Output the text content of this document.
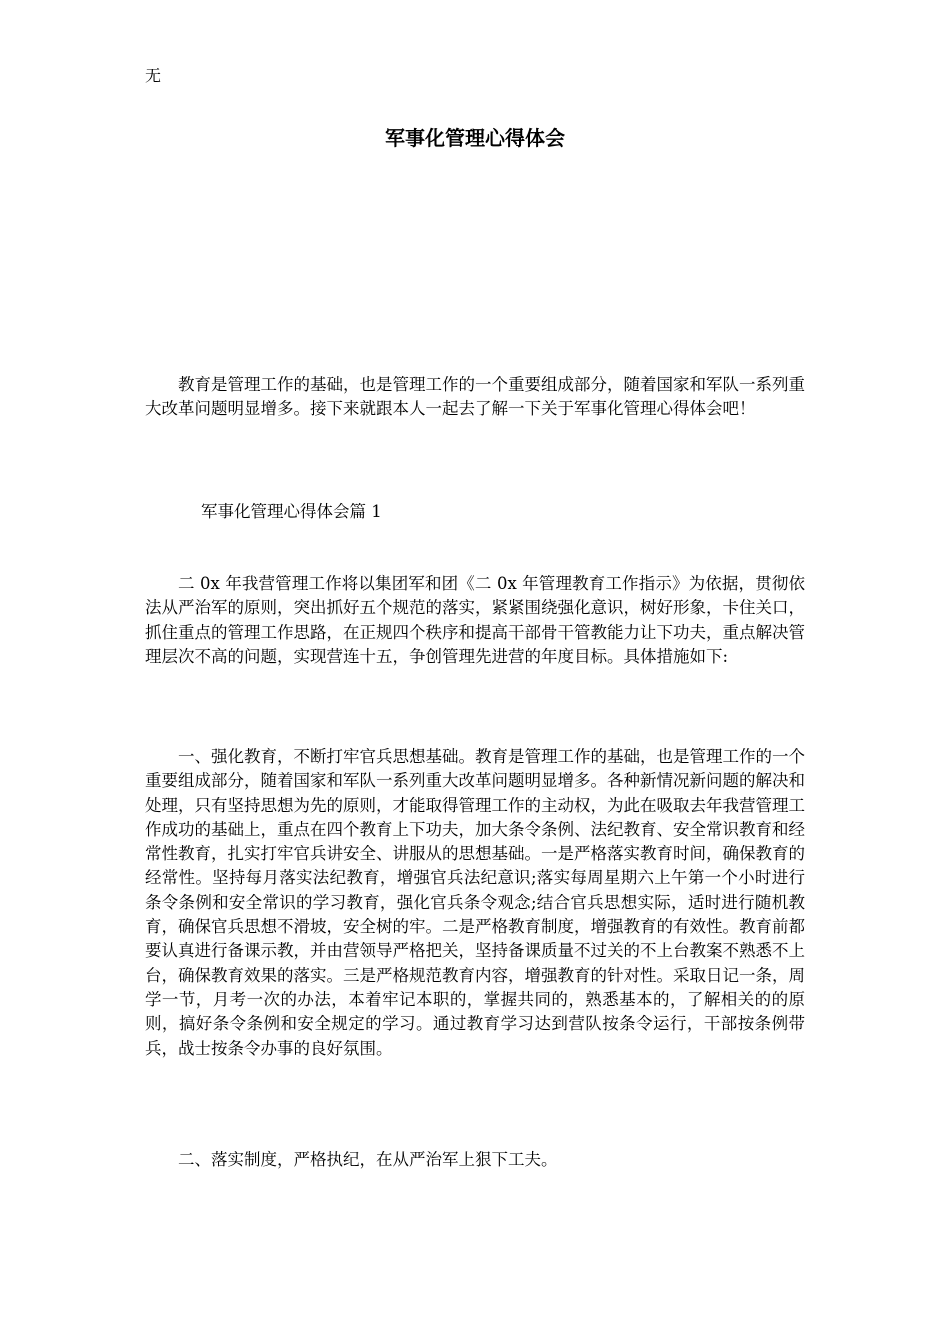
无
军事化管理心得体会

教育是管理工作的基础，也是管理工作的一个重要组成部分，随着国家和军队一系列重大改革问题明显增多。接下来就跟本人一起去了解一下关于军事化管理心得体会吧！

军事化管理心得体会篇 1

二 0x 年我营管理工作将以集团军和团《二 0x 年管理教育工作指示》为依据，贯彻依法从严治军的原则，突出抓好五个规范的落实，紧紧围绕强化意识，树好形象，卡住关口，抓住重点的管理工作思路，在正规四个秩序和提高干部骨干管教能力让下功夫，重点解决管理层次不高的问题，实现营连十五，争创管理先进营的年度目标。具体措施如下:

一、强化教育，不断打牢官兵思想基础。教育是管理工作的基础，也是管理工作的一个重要组成部分，随着国家和军队一系列重大改革问题明显增多。各种新情况新问题的解决和处理，只有坚持思想为先的原则，才能取得管理工作的主动权，为此在吸取去年我营管理工作成功的基础上，重点在四个教育上下功夫，加大条令条例、法纪教育、安全常识教育和经常性教育，扎实打牢官兵讲安全、讲服从的思想基础。一是严格落实教育时间，确保教育的经常性。坚持每月落实法纪教育，增强官兵法纪意识;落实每周星期六上午第一个小时进行条令条例和安全常识的学习教育，强化官兵条令观念;结合官兵思想实际，适时进行随机教育，确保官兵思想不滑坡，安全树的牢。二是严格教育制度，增强教育的有效性。教育前都要认真进行备课示教，并由营领导严格把关，坚持备课质量不过关的不上台教案不熟悉不上台，确保教育效果的落实。三是严格规范教育内容，增强教育的针对性。采取日记一条，周学一节，月考一次的办法，本着牢记本职的，掌握共同的，熟悉基本的，了解相关的的原则，搞好条令条例和安全规定的学习。通过教育学习达到营队按条令运行，干部按条例带兵，战士按条令办事的良好氛围。

二、落实制度，严格执纪，在从严治军上狠下工夫。
